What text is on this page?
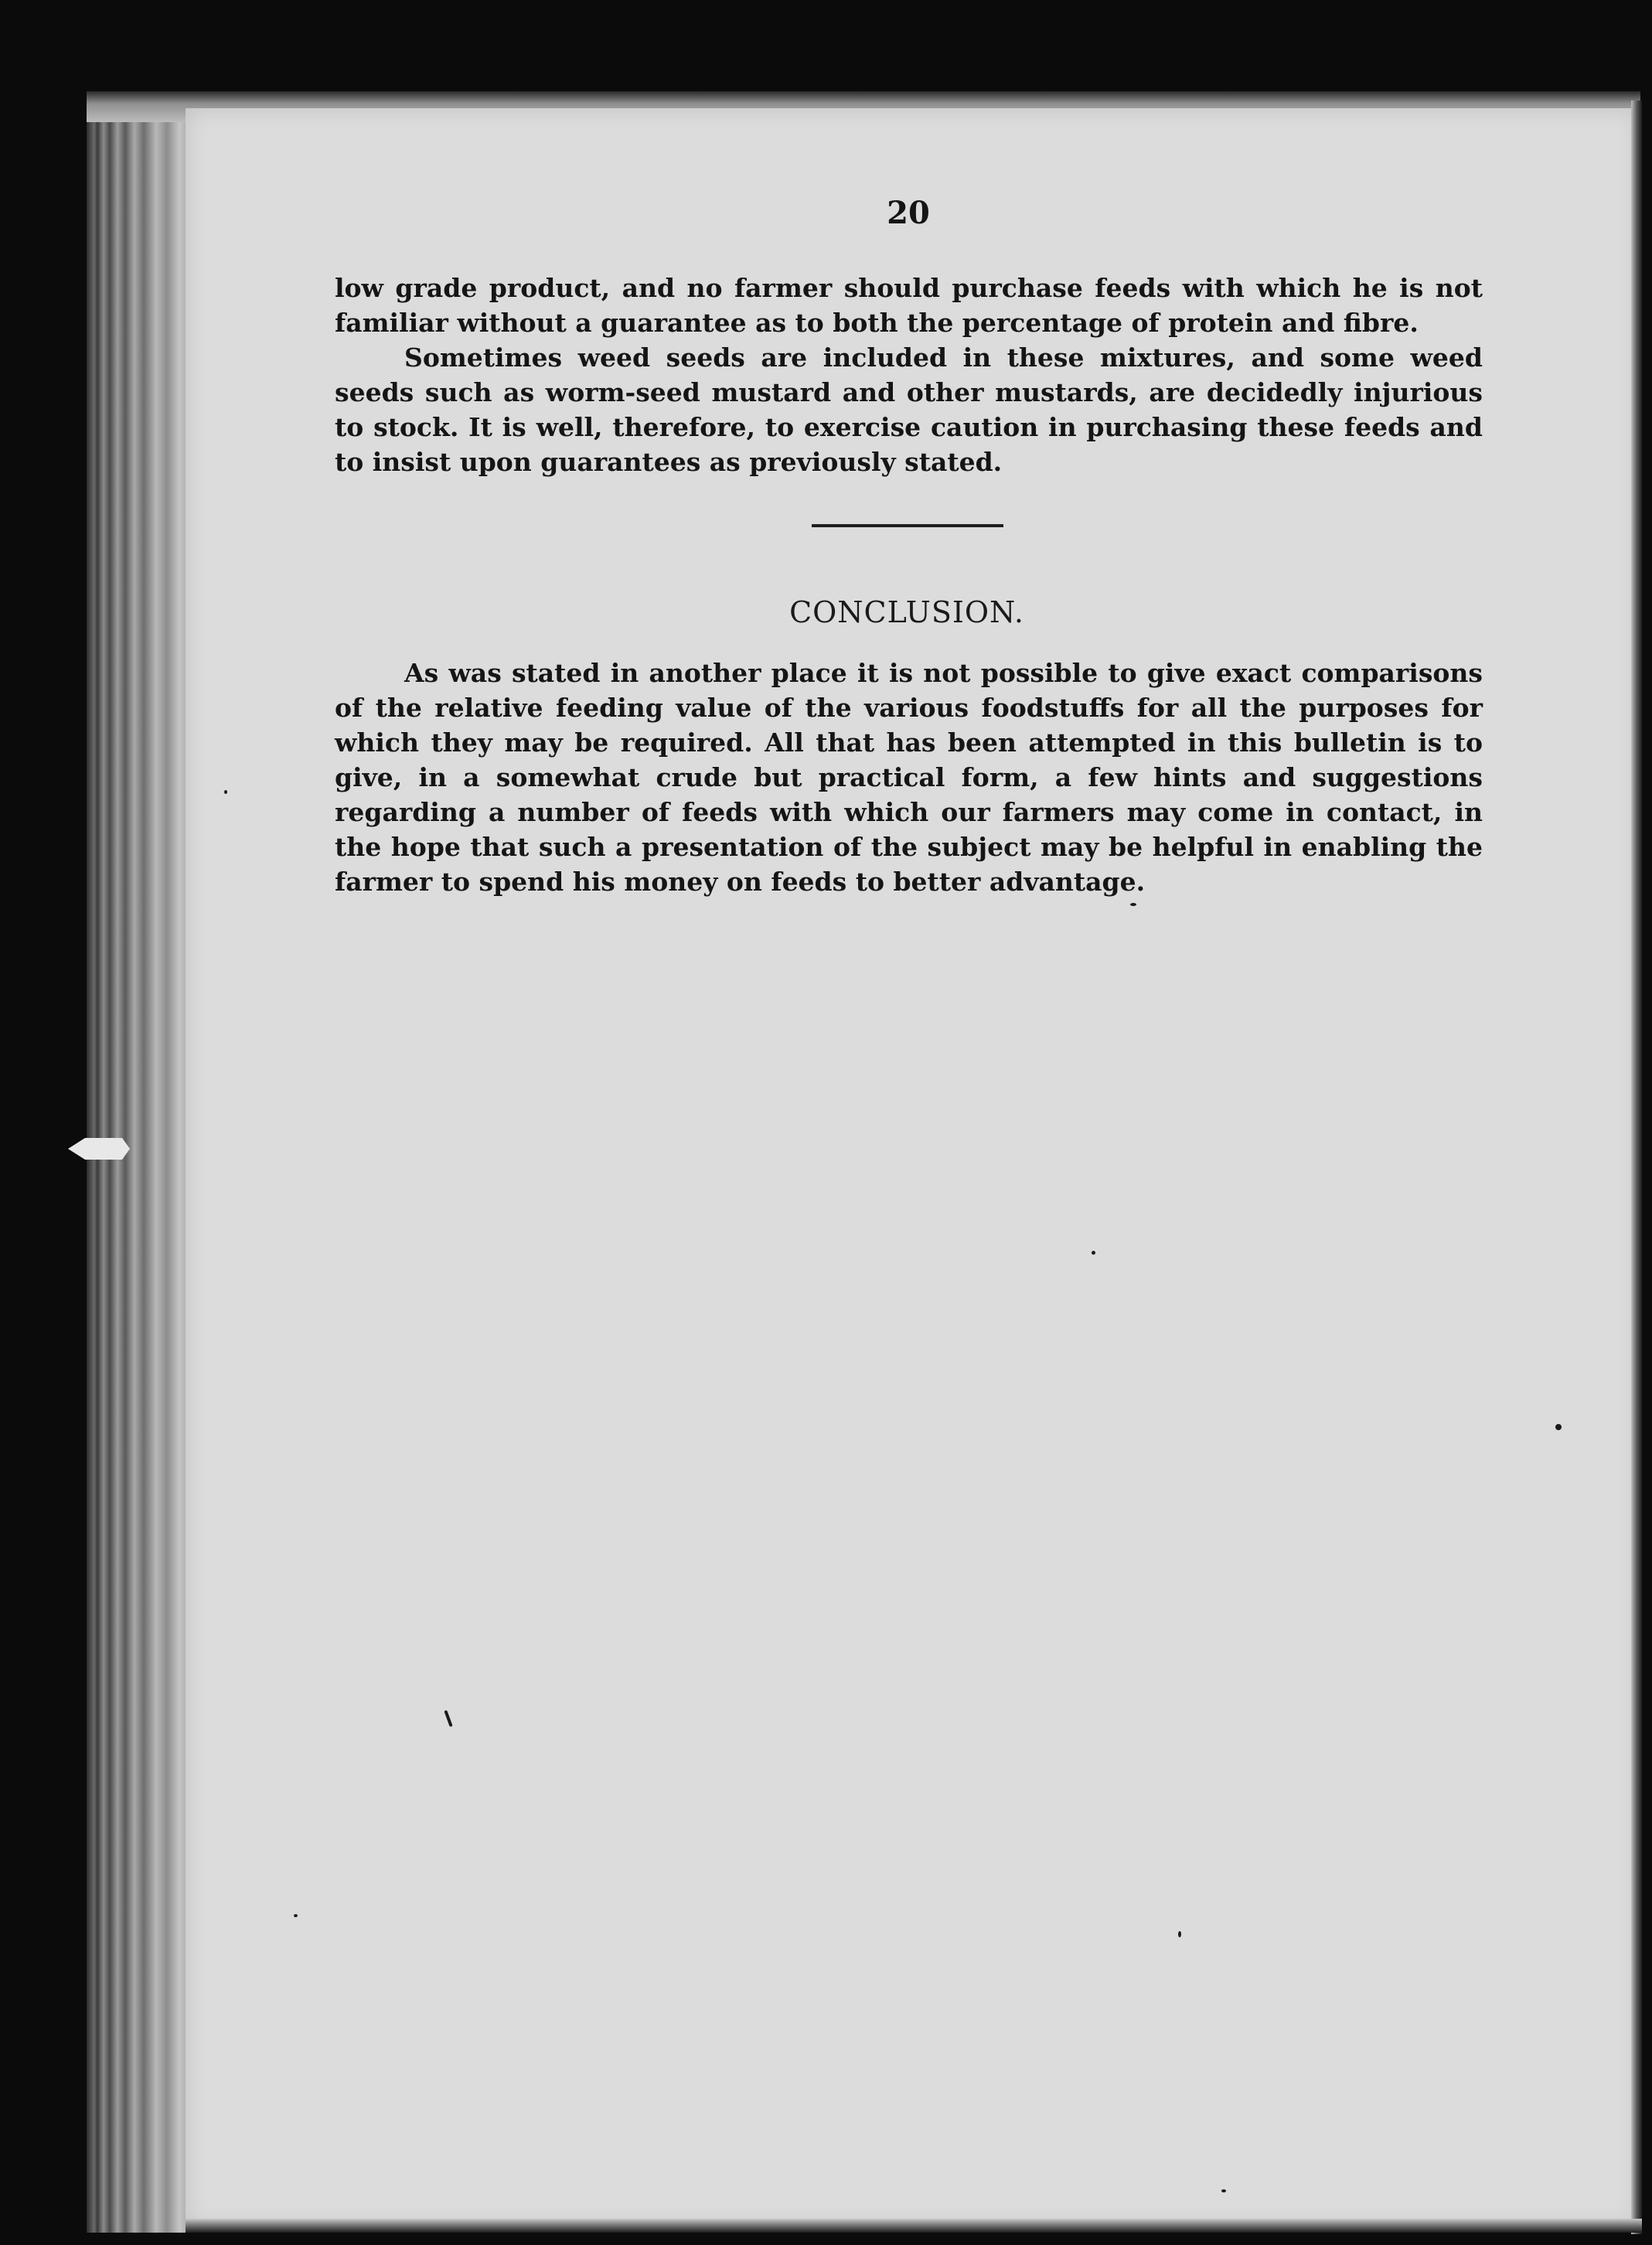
20

low grade product, and no farmer should purchase feeds with which he is not familiar without a guarantee as to both the percentage of protein and fibre.

Sometimes weed seeds are included in these mixtures, and some weed seeds such as worm-seed mustard and other mustards, are decidedly injurious to stock. It is well, therefore, to exercise caution in purchasing these feeds and to insist upon guarantees as previously stated.

CONCLUSION.

As was stated in another place it is not possible to give exact comparisons of the relative feeding value of the various foodstuffs for all the purposes for which they may be required. All that has been attempted in this bulletin is to give, in a somewhat crude but practical form, a few hints and suggestions regarding a number of feeds with which our farmers may come in contact, in the hope that such a presentation of the subject may be helpful in enabling the farmer to spend his money on feeds to better advantage.
